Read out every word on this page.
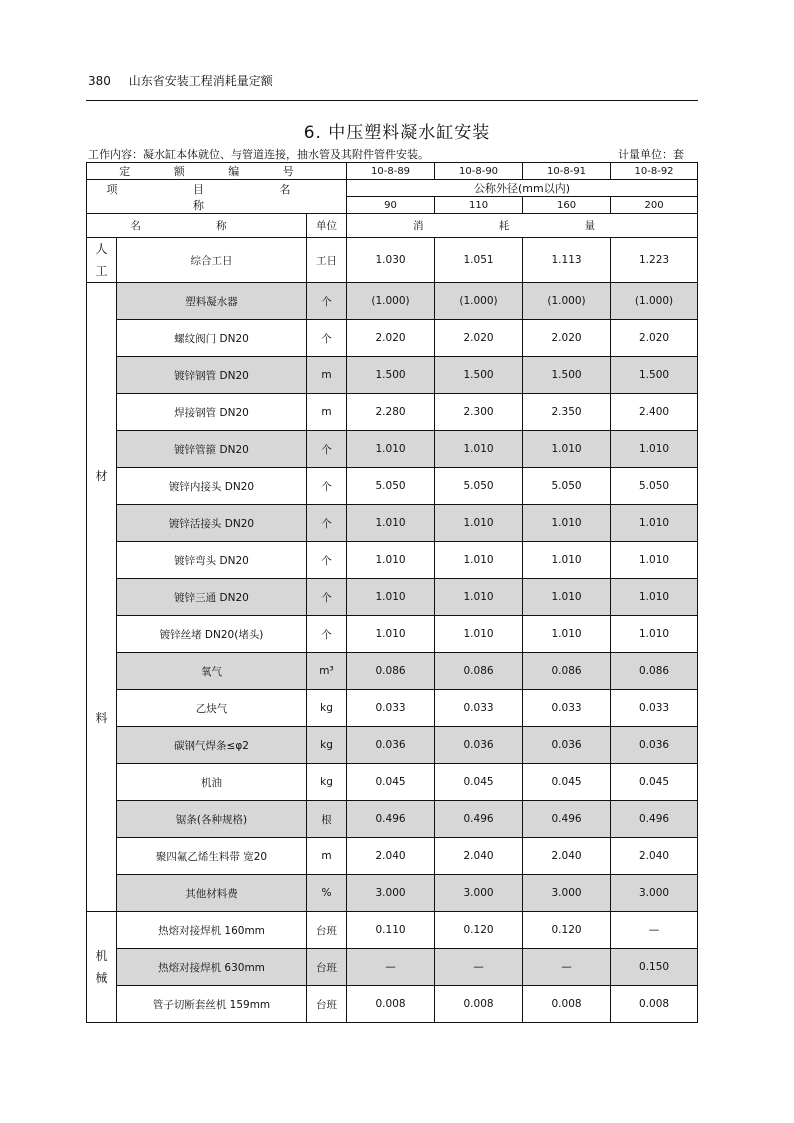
380 山东省安装工程消耗量定额
6. 中压塑料凝水缸安装
工作内容：凝水缸本体就位、与管道连接，抽水管及其附件管件安装。	计量单位：套
定 额 编 号			10-8-89	10-8-90	10-8-91	10-8-92
项 目 名 称			公称外径(mm以内)			
			90	110	160	200
名 称		单位	消 耗 量			

人
工	综合工日	工日	1.030	1.051	1.113	1.223

材
料	塑料凝水器	个	(1.000)	(1.000)	(1.000)	(1.000)
	螺纹阀门 DN20	个	2.020	2.020	2.020	2.020
	镀锌钢管 DN20	m	1.500	1.500	1.500	1.500
	焊接钢管 DN20	m	2.280	2.300	2.350	2.400
	镀锌管箍 DN20	个	1.010	1.010	1.010	1.010
	镀锌内接头 DN20	个	5.050	5.050	5.050	5.050
	镀锌活接头 DN20	个	1.010	1.010	1.010	1.010
	镀锌弯头 DN20	个	1.010	1.010	1.010	1.010
	镀锌三通 DN20	个	1.010	1.010	1.010	1.010
	镀锌丝堵 DN20(堵头)	个	1.010	1.010	1.010	1.010
	氧气	m³	0.086	0.086	0.086	0.086
	乙炔气	kg	0.033	0.033	0.033	0.033
	碳钢气焊条≤φ2	kg	0.036	0.036	0.036	0.036
	机油	kg	0.045	0.045	0.045	0.045
	锯条(各种规格)	根	0.496	0.496	0.496	0.496
	聚四氟乙烯生料带 宽20	m	2.040	2.040	2.040	2.040
	其他材料费	%	3.000	3.000	3.000	3.000

机
械	热熔对接焊机 160mm	台班	0.110	0.120	0.120	—
	热熔对接焊机 630mm	台班	—	—	—	0.150
	管子切断套丝机 159mm	台班	0.008	0.008	0.008	0.008
